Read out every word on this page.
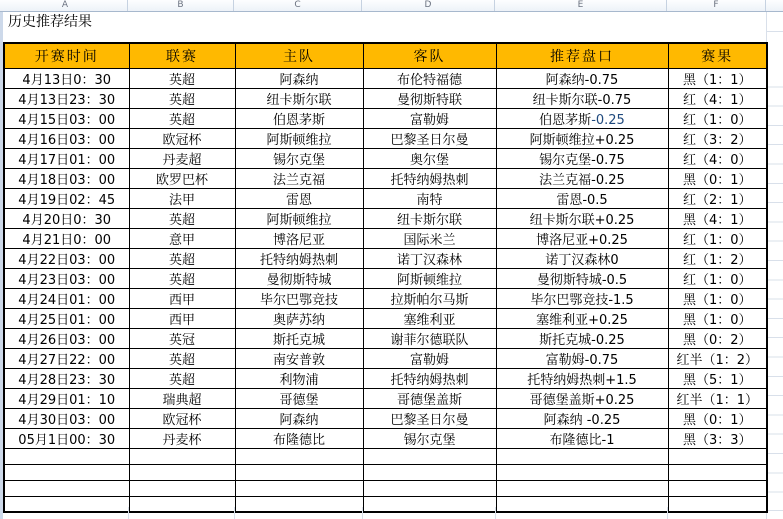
A	B	C	D	E	F
历史推荐结果
开赛时间	联赛	主队	客队	推荐盘口	赛果
4月13日0：30	英超	阿森纳	布伦特福德	阿森纳-0.75	黑（1：1）
4月13日23：30	英超	纽卡斯尔联	曼彻斯特联	纽卡斯尔联-0.75	红（4：1）
4月15日03：00	英超	伯恩茅斯	富勒姆	伯恩茅斯-0.25	红（1：0）
4月16日03：00	欧冠杯	阿斯顿维拉	巴黎圣日尔曼	阿斯顿维拉+0.25	红（3：2）
4月17日01：00	丹麦超	锡尔克堡	奥尔堡	锡尔克堡-0.75	红（4：0）
4月18日03：00	欧罗巴杯	法兰克福	托特纳姆热刺	法兰克福-0.25	黑（0：1）
4月19日02：45	法甲	雷恩	南特	雷恩-0.5	红（2：1）
4月20日0：30	英超	阿斯顿维拉	纽卡斯尔联	纽卡斯尔联+0.25	黑（4：1）
4月21日0：00	意甲	博洛尼亚	国际米兰	博洛尼亚+0.25	红（1：0）
4月22日03：00	英超	托特纳姆热刺	诺丁汉森林	诺丁汉森林0	红（1：2）
4月23日03：00	英超	曼彻斯特城	阿斯顿维拉	曼彻斯特城-0.5	红（1：0）
4月24日01：00	西甲	毕尔巴鄂竞技	拉斯帕尔马斯	毕尔巴鄂竞技-1.5	黑（1：0）
4月25日01：00	西甲	奥萨苏纳	塞维利亚	塞维利亚+0.25	黑（1：0）
4月26日03：00	英冠	斯托克城	谢菲尔德联队	斯托克城-0.25	黑（0：2）
4月27日22：00	英超	南安普敦	富勒姆	富勒姆-0.75	红半（1：2）
4月28日23：30	英超	利物浦	托特纳姆热刺	托特纳姆热刺+1.5	黑（5：1）
4月29日01：10	瑞典超	哥德堡	哥德堡盖斯	哥德堡盖斯+0.25	红半（1：1）
4月30日03：00	欧冠杯	阿森纳	巴黎圣日尔曼	阿森纳 -0.25	黑（0：1）
05月1日00：30	丹麦杯	布隆德比	锡尔克堡	布隆德比-1	黑（3：3）
